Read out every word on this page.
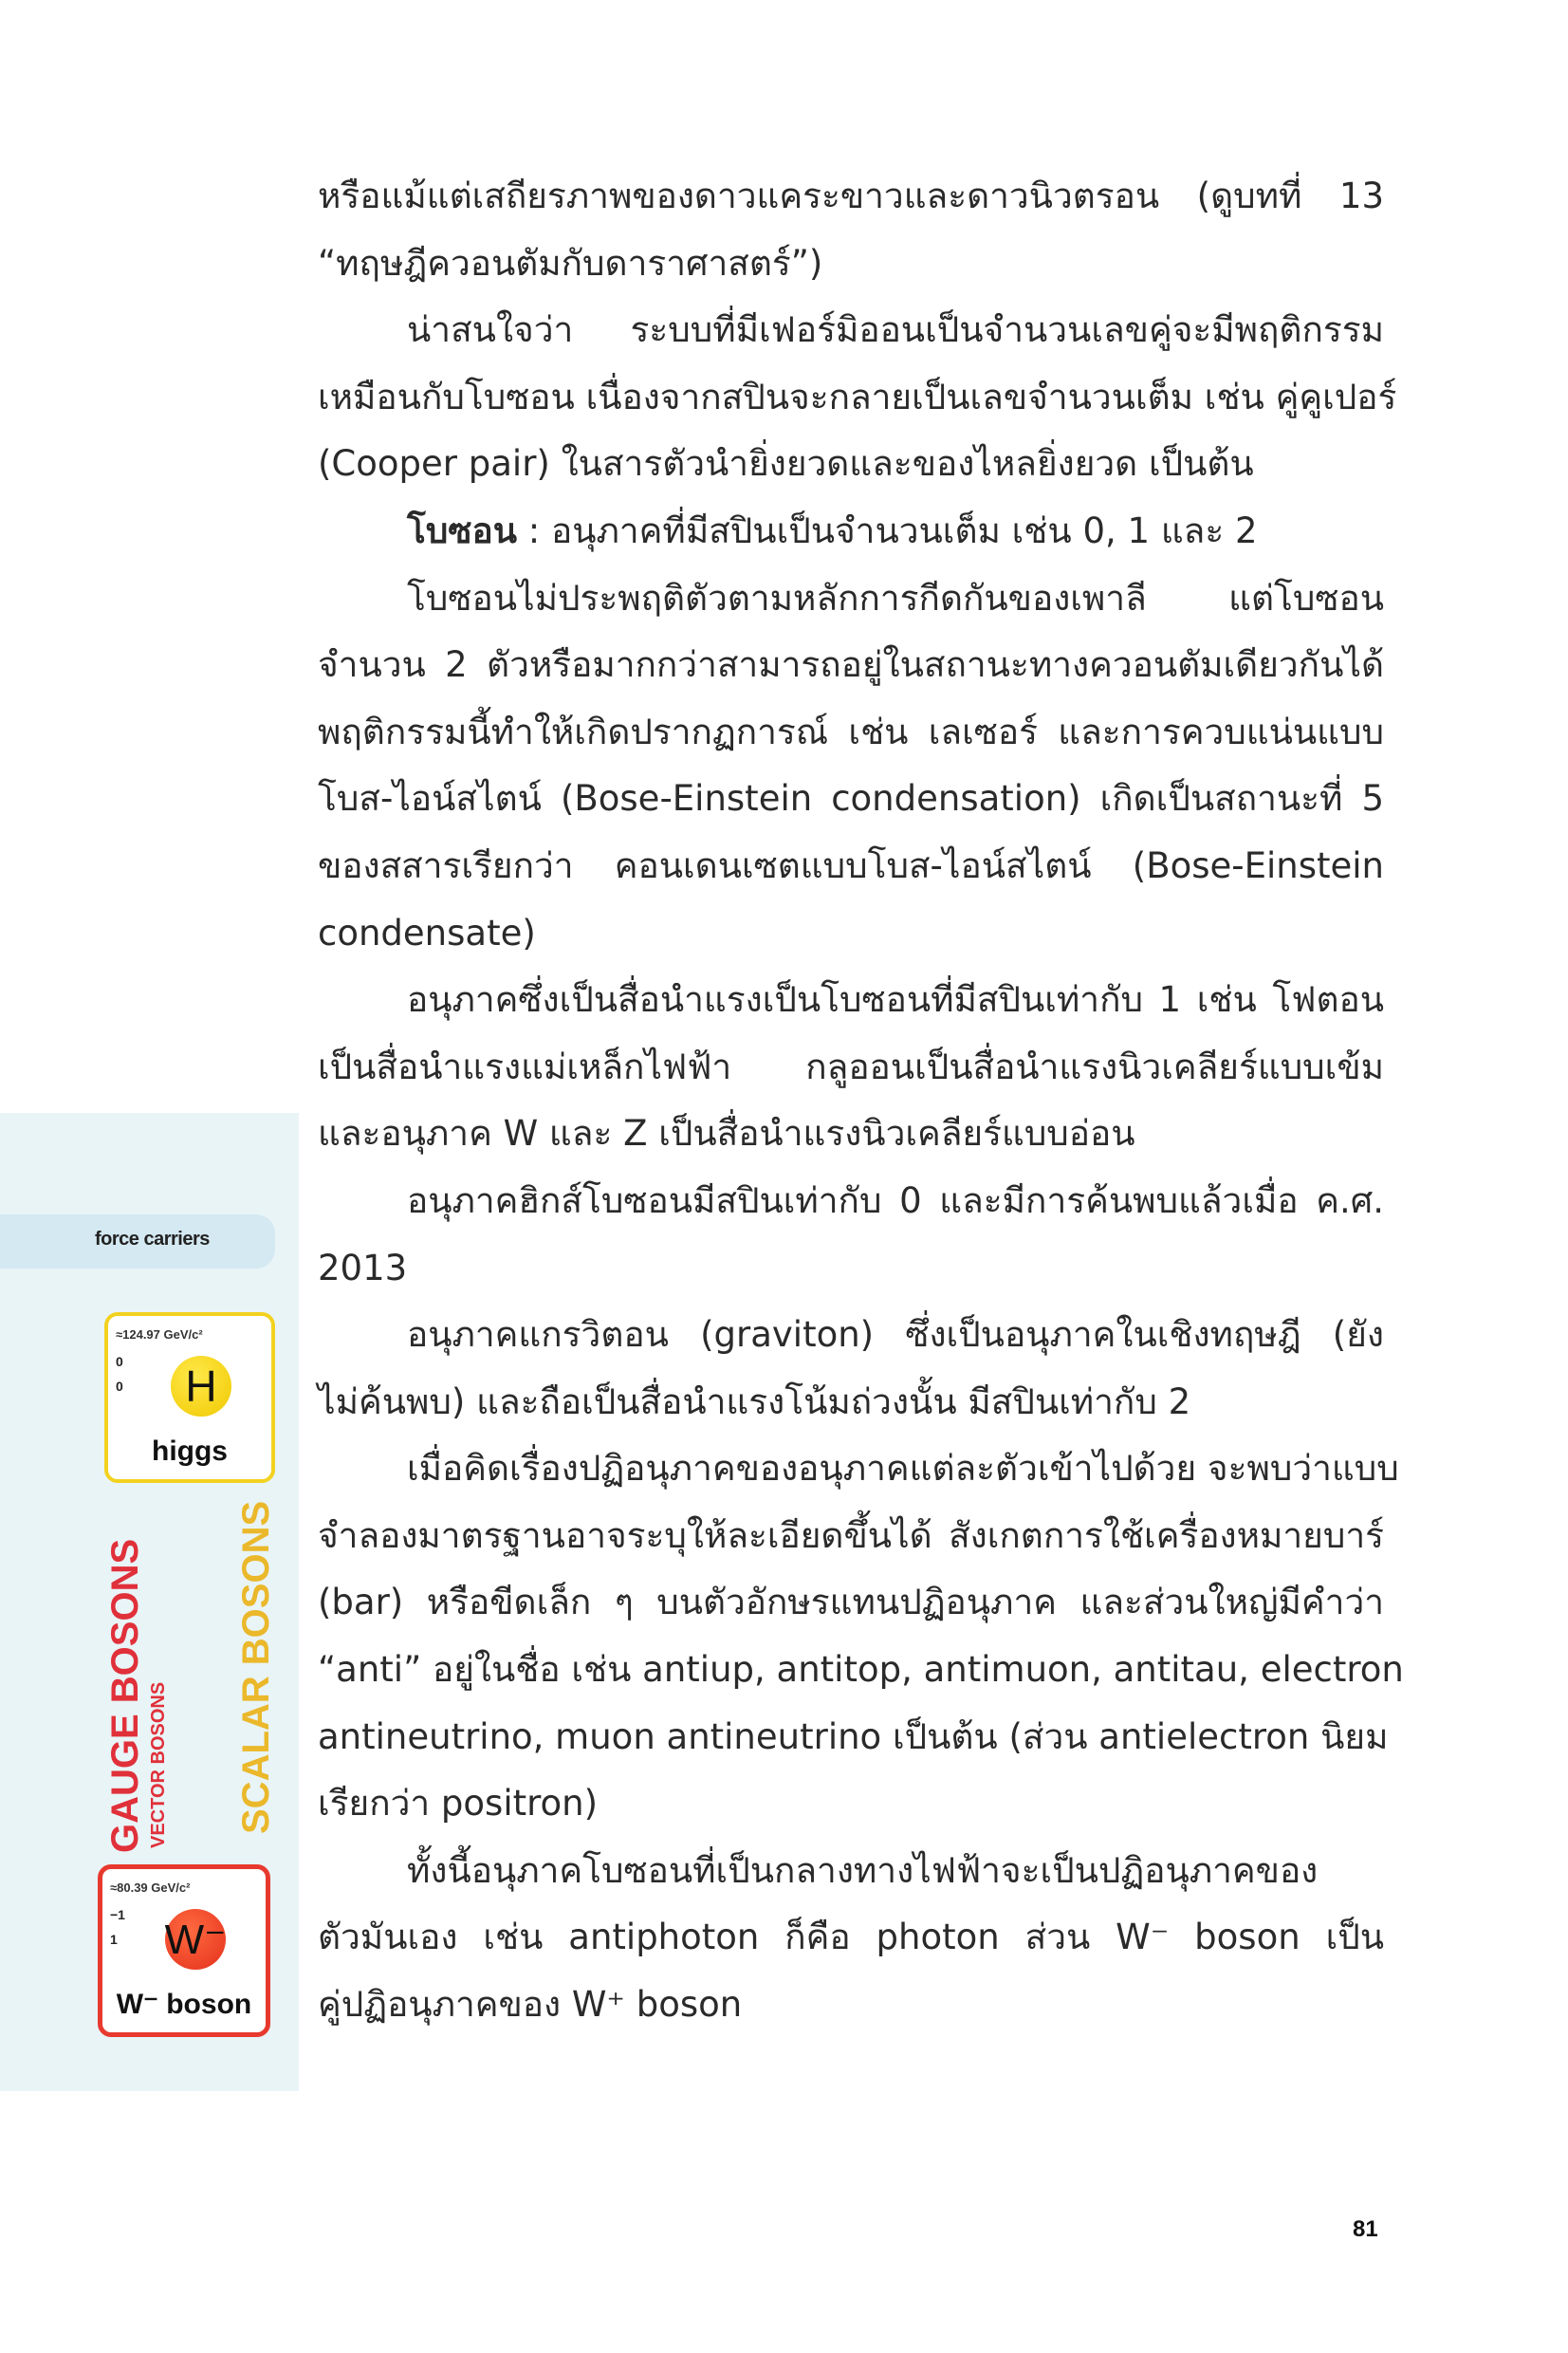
force carriers
≈124.97 GeV/c²
0
0	H
higgs
GAUGE BOSONS VECTOR BOSONS SCALAR BOSONS
≈80.39 GeV/c²
−1
1 W⁻
W⁻ boson
หรือแม้แต่เสถียรภาพของดาวแคระขาวและดาวนิวตรอน (ดูบทที่ 13
“ทฤษฎีควอนตัมกับดาราศาสตร์”)
น่าสนใจว่า ระบบที่มีเฟอร์มิออนเป็นจำนวนเลขคู่จะมีพฤติกรรม
เหมือนกับโบซอน เนื่องจากสปินจะกลายเป็นเลขจำนวนเต็ม เช่น คู่คูเปอร์
(Cooper pair) ในสารตัวนำยิ่งยวดและของไหลยิ่งยวด เป็นต้น
โบซอน : อนุภาคที่มีสปินเป็นจำนวนเต็ม เช่น 0, 1 และ 2
โบซอนไม่ประพฤติตัวตามหลักการกีดกันของเพาลี แต่โบซอน
จำนวน 2 ตัวหรือมากกว่าสามารถอยู่ในสถานะทางควอนตัมเดียวกันได้
พฤติกรรมนี้ทำให้เกิดปรากฏการณ์ เช่น เลเซอร์ และการควบแน่นแบบ
โบส-ไอน์สไตน์ (Bose-Einstein condensation) เกิดเป็นสถานะที่ 5
ของสสารเรียกว่า คอนเดนเซตแบบโบส-ไอน์สไตน์ (Bose-Einstein
condensate)
อนุภาคซึ่งเป็นสื่อนำแรงเป็นโบซอนที่มีสปินเท่ากับ 1 เช่น โฟตอน
เป็นสื่อนำแรงแม่เหล็กไฟฟ้า กลูออนเป็นสื่อนำแรงนิวเคลียร์แบบเข้ม
และอนุภาค W และ Z เป็นสื่อนำแรงนิวเคลียร์แบบอ่อน
อนุภาคฮิกส์โบซอนมีสปินเท่ากับ 0 และมีการค้นพบแล้วเมื่อ ค.ศ.
2013
อนุภาคแกรวิตอน (graviton) ซึ่งเป็นอนุภาคในเชิงทฤษฎี (ยัง
ไม่ค้นพบ) และถือเป็นสื่อนำแรงโน้มถ่วงนั้น มีสปินเท่ากับ 2
เมื่อคิดเรื่องปฏิอนุภาคของอนุภาคแต่ละตัวเข้าไปด้วย จะพบว่าแบบ
จำลองมาตรฐานอาจระบุให้ละเอียดขึ้นได้ สังเกตการใช้เครื่องหมายบาร์
(bar) หรือขีดเล็ก ๆ บนตัวอักษรแทนปฏิอนุภาค และส่วนใหญ่มีคำว่า
“anti” อยู่ในชื่อ เช่น antiup, antitop, antimuon, antitau, electron
antineutrino, muon antineutrino เป็นต้น (ส่วน antielectron นิยม
เรียกว่า positron)
ทั้งนี้อนุภาคโบซอนที่เป็นกลางทางไฟฟ้าจะเป็นปฏิอนุภาคของ
ตัวมันเอง เช่น antiphoton ก็คือ photon ส่วน W⁻ boson เป็น
คู่ปฏิอนุภาคของ W⁺ boson
81
